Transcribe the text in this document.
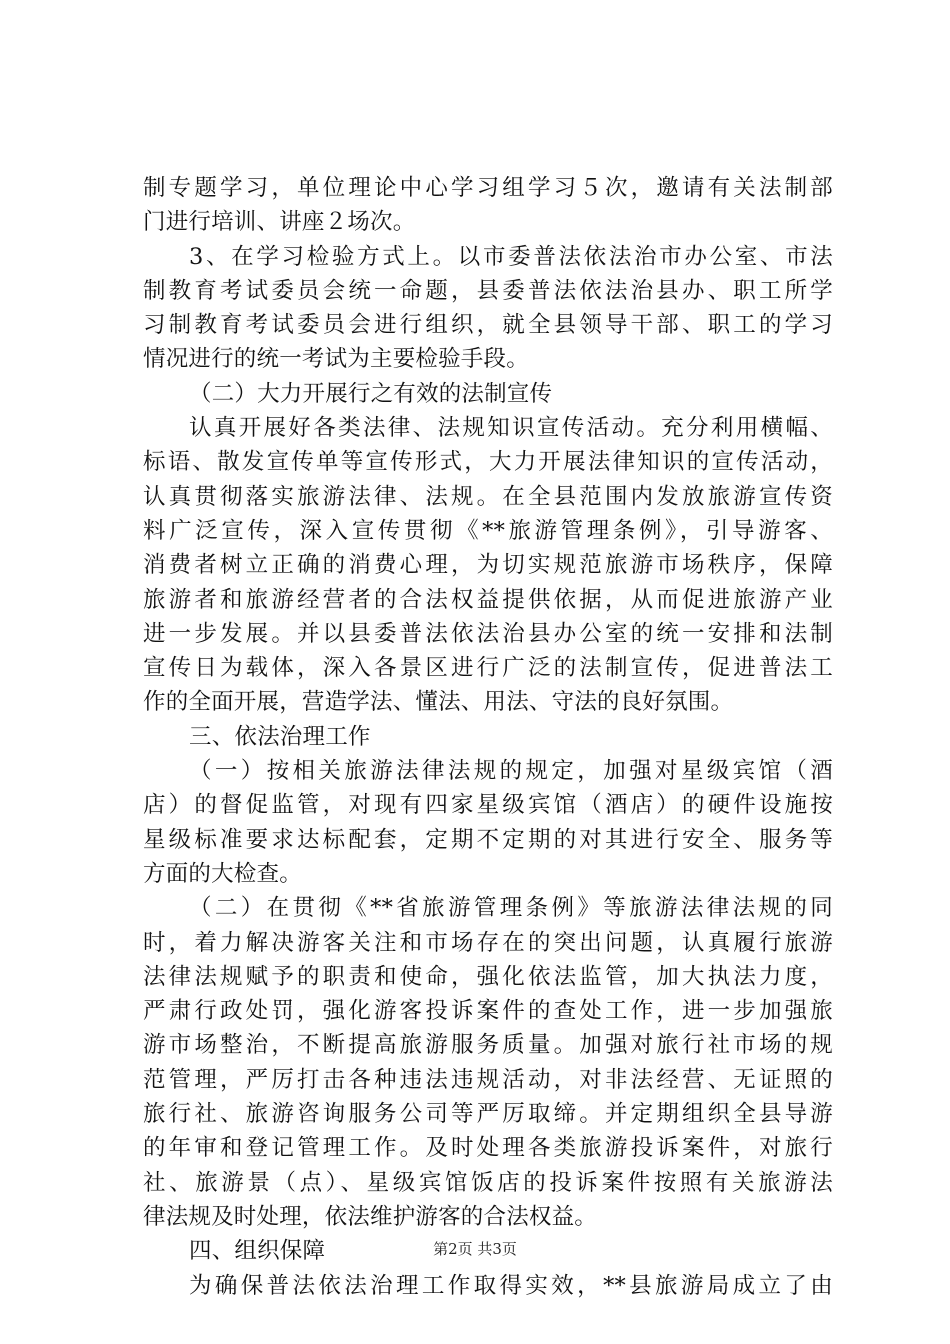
制专题学习，单位理论中心学习组学习５次，邀请有关法制部
门进行培训、讲座２场次。
3、在学习检验方式上。以市委普法依法治市办公室、市法
制教育考试委员会统一命题，县委普法依法治县办、职工所学
习制教育考试委员会进行组织，就全县领导干部、职工的学习
情况进行的统一考试为主要检验手段。
（二）大力开展行之有效的法制宣传
认真开展好各类法律、法规知识宣传活动。充分利用横幅、
标语、散发宣传单等宣传形式，大力开展法律知识的宣传活动，
认真贯彻落实旅游法律、法规。在全县范围内发放旅游宣传资
料广泛宣传，深入宣传贯彻《**旅游管理条例》，引导游客、
消费者树立正确的消费心理，为切实规范旅游市场秩序，保障
旅游者和旅游经营者的合法权益提供依据，从而促进旅游产业
进一步发展。并以县委普法依法治县办公室的统一安排和法制
宣传日为载体，深入各景区进行广泛的法制宣传，促进普法工
作的全面开展，营造学法、懂法、用法、守法的良好氛围。
三、依法治理工作
（一）按相关旅游法律法规的规定，加强对星级宾馆（酒
店）的督促监管，对现有四家星级宾馆（酒店）的硬件设施按
星级标准要求达标配套，定期不定期的对其进行安全、服务等
方面的大检查。
（二）在贯彻《**省旅游管理条例》等旅游法律法规的同
时，着力解决游客关注和市场存在的突出问题，认真履行旅游
法律法规赋予的职责和使命，强化依法监管，加大执法力度，
严肃行政处罚，强化游客投诉案件的查处工作，进一步加强旅
游市场整治，不断提高旅游服务质量。加强对旅行社市场的规
范管理，严厉打击各种违法违规活动，对非法经营、无证照的
旅行社、旅游咨询服务公司等严厉取缔。并定期组织全县导游
的年审和登记管理工作。及时处理各类旅游投诉案件，对旅行
社、旅游景（点）、星级宾馆饭店的投诉案件按照有关旅游法
律法规及时处理，依法维护游客的合法权益。
四、组织保障
为确保普法依法治理工作取得实效，**县旅游局成立了由
第2页 共3页
